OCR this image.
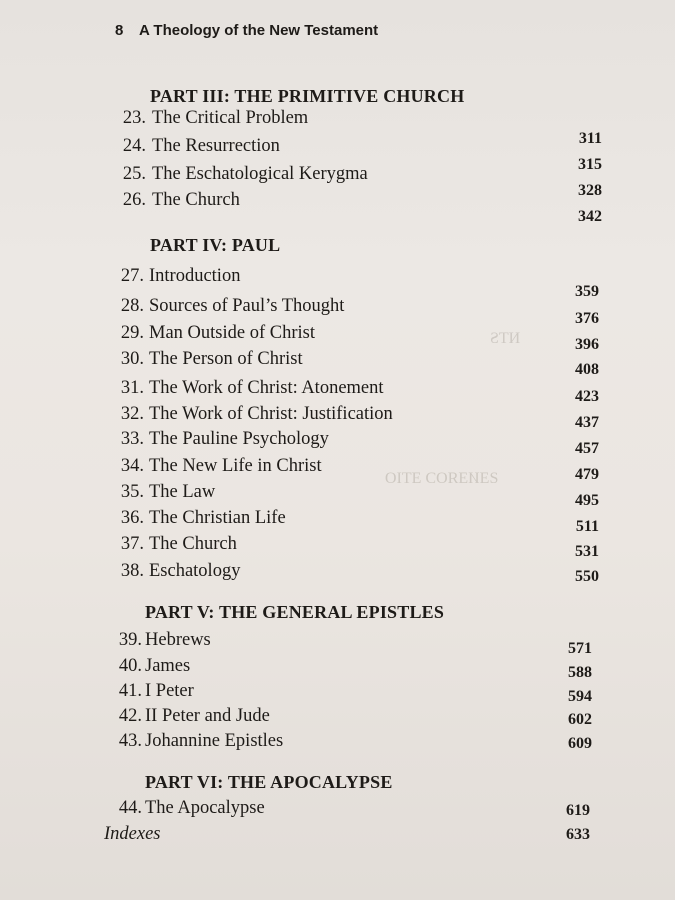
8 A Theology of the New Testament
ƧƎИƎЯOƆ ƎTIO
ƧTИ
PART III: THE PRIMITIVE CHURCH
23. The Critical Problem
24. The Resurrection
25. The Eschatological Kerygma
26. The Church
311
315
328
342
PART IV: PAUL
27. Introduction
28. Sources of Paul’s Thought
29. Man Outside of Christ
30. The Person of Christ
31. The Work of Christ: Atonement
32. The Work of Christ: Justification
33. The Pauline Psychology
34. The New Life in Christ
35. The Law
36. The Christian Life
37. The Church
38. Eschatology
359
376
396
408
423
437
457
479
495
511
531
550
PART V: THE GENERAL EPISTLES
39. Hebrews
40. James
41. I Peter
42. II Peter and Jude
43. Johannine Epistles
571
588
594
602
609
PART VI: THE APOCALYPSE
44. The Apocalypse	619
Indexes	633
